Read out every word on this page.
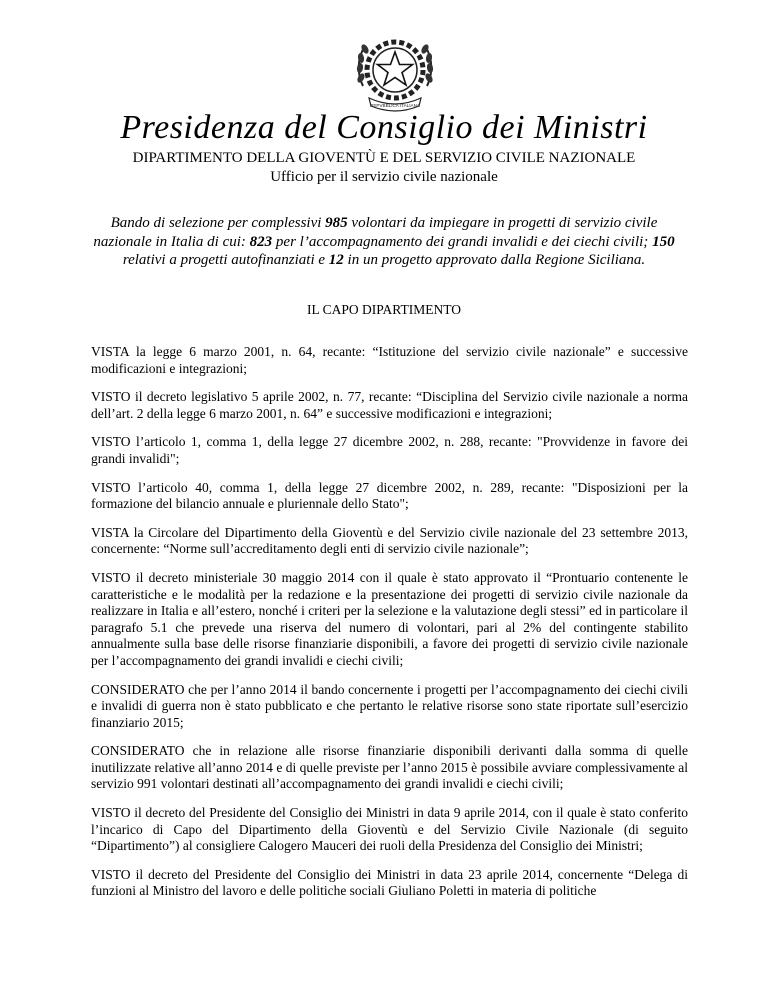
REPVBBLICA ITALIANA
Presidenza del Consiglio dei Ministri
DIPARTIMENTO DELLA GIOVENTÙ E DEL SERVIZIO CIVILE NAZIONALE
Ufficio per il servizio civile nazionale
Bando di selezione per complessivi 985 volontari da impiegare in progetti di servizio civile nazionale in Italia di cui: 823 per l’accompagnamento dei grandi invalidi e dei ciechi civili; 150 relativi a progetti autofinanziati e 12 in un progetto approvato dalla Regione Siciliana.
IL CAPO DIPARTIMENTO

VISTA la legge 6 marzo 2001, n. 64, recante: “Istituzione del servizio civile nazionale” e successive modificazioni e integrazioni;

VISTO il decreto legislativo 5 aprile 2002, n. 77, recante: “Disciplina del Servizio civile nazionale a norma dell’art. 2 della legge 6 marzo 2001, n. 64” e successive modificazioni e integrazioni;

VISTO l’articolo 1, comma 1, della legge 27 dicembre 2002, n. 288, recante: "Provvidenze in favore dei grandi invalidi";

VISTO l’articolo 40, comma 1, della legge 27 dicembre 2002, n. 289, recante: "Disposizioni per la formazione del bilancio annuale e pluriennale dello Stato";

VISTA la Circolare del Dipartimento della Gioventù e del Servizio civile nazionale del 23 settembre 2013, concernente: “Norme sull’accreditamento degli enti di servizio civile nazionale”;

VISTO il decreto ministeriale 30 maggio 2014 con il quale è stato approvato il “Prontuario contenente le caratteristiche e le modalità per la redazione e la presentazione dei progetti di servizio civile nazionale da realizzare in Italia e all’estero, nonché i criteri per la selezione e la valutazione degli stessi” ed in particolare il paragrafo 5.1 che prevede una riserva del numero di volontari, pari al 2% del contingente stabilito annualmente sulla base delle risorse finanziarie disponibili, a favore dei progetti di servizio civile nazionale per l’accompagnamento dei grandi invalidi e ciechi civili;

CONSIDERATO che per l’anno 2014 il bando concernente i progetti per l’accompagnamento dei ciechi civili e invalidi di guerra non è stato pubblicato e che pertanto le relative risorse sono state riportate sull’esercizio finanziario 2015;

CONSIDERATO che in relazione alle risorse finanziarie disponibili derivanti dalla somma di quelle inutilizzate relative all’anno 2014 e di quelle previste per l’anno 2015 è possibile avviare complessivamente al servizio 991 volontari destinati all’accompagnamento dei grandi invalidi e ciechi civili;

VISTO il decreto del Presidente del Consiglio dei Ministri in data 9 aprile 2014, con il quale è stato conferito l’incarico di Capo del Dipartimento della Gioventù e del Servizio Civile Nazionale (di seguito “Dipartimento”) al consigliere Calogero Mauceri dei ruoli della Presidenza del Consiglio dei Ministri;

VISTO il decreto del Presidente del Consiglio dei Ministri in data 23 aprile 2014, concernente “Delega di funzioni al Ministro del lavoro e delle politiche sociali Giuliano Poletti in materia di politiche
